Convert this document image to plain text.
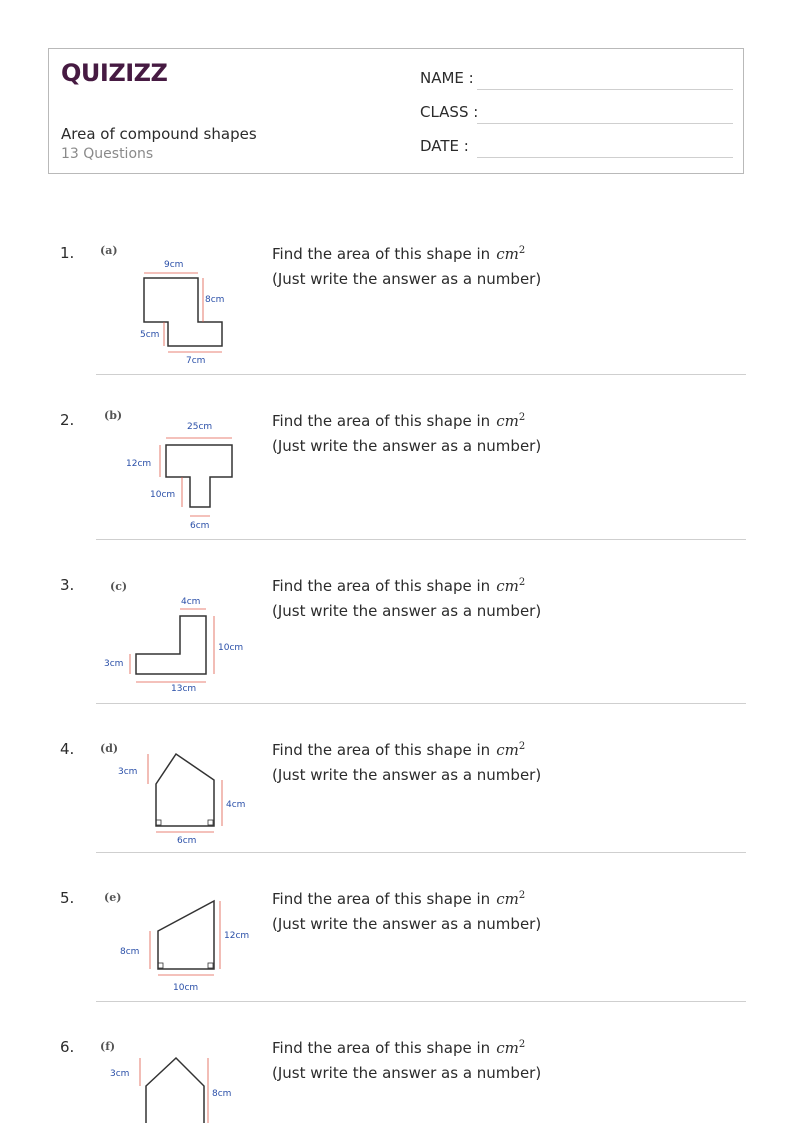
QUIZIZZ
Area of compound shapes
13 Questions
NAME :
CLASS :
DATE :
1. (a)
9cm
8cm
5cm
7cm
Find the area of this shape in $cm^2$
(Just write the answer as a number)
2.	(b)
25cm
12cm
10cm
6cm
Find the area of this shape in $cm^2$
(Just write the answer as a number)
3.	(c)
4cm
10cm
3cm
13cm
Find the area of this shape in $cm^2$
(Just write the answer as a number)
4. (d)
3cm
4cm
6cm
Find the area of this shape in $cm^2$
(Just write the answer as a number)
5.	(e)
12cm
8cm
10cm
Find the area of this shape in $cm^2$
(Just write the answer as a number)
6. (f)
3cm
8cm
Find the area of this shape in $cm^2$
(Just write the answer as a number)
